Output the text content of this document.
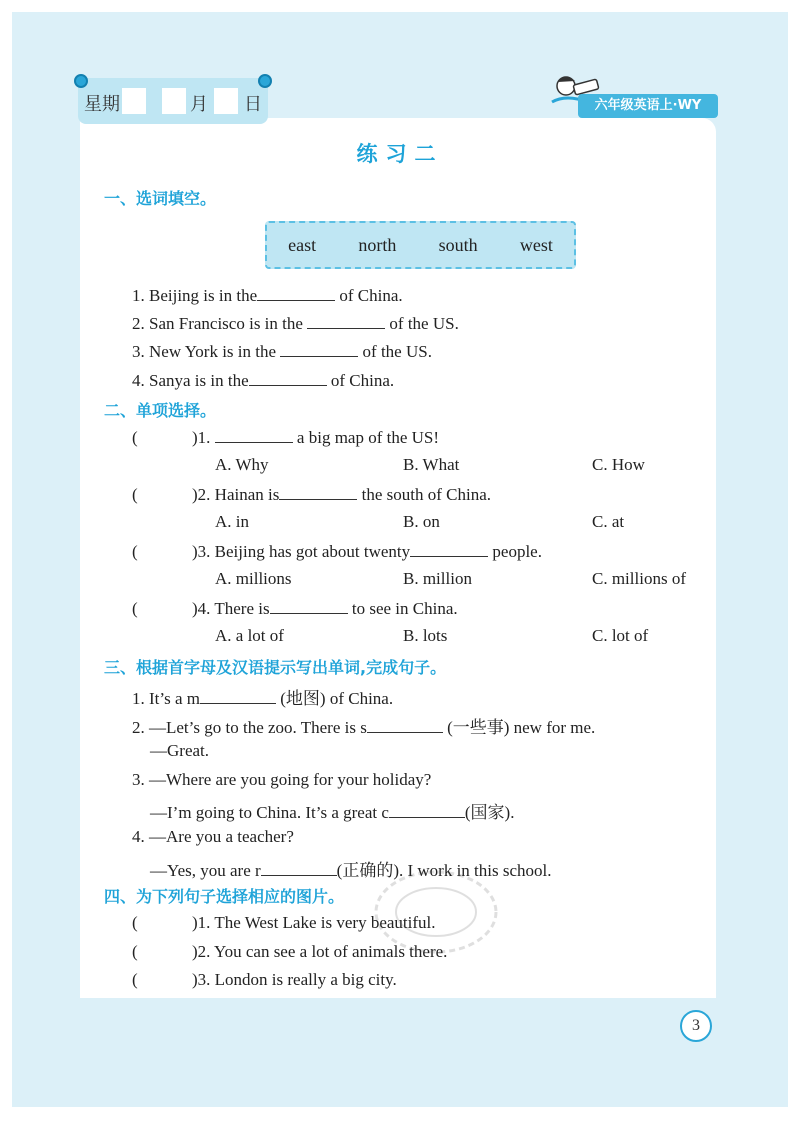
星期	月 日	六年级英语上·WY
练习二
一、选词填空。
east north south west
1. Beijing is in the	of China.
2. San Francisco is in the	of the US.
3. New York is in the	of the US.
4. Sanya is in the	of China.
二、单项选择。
(	)1.	a big map of the US!
A. Why	B. What	C. How
(	)2. Hainan is	the south of China.
A. in	B. on	C. at
(	)3. Beijing has got about twenty	people.
A. millions	B. million	C. millions of
(	)4. There is	to see in China.
A. a lot of	B. lots	C. lot of
三、根据首字母及汉语提示写出单词,完成句子。
1. It’s a m	(地图) of China.
2. —Let’s go to the zoo. There is s	(一些事) new for me.
—Great.
3. —Where are you going for your holiday?
—I’m going to China. It’s a great c	(国家).
4. —Are you a teacher?
—Yes, you are r	(正确的). I work in this school.
四、为下列句子选择相应的图片。
(	)1. The West Lake is very beautiful.
(	)2. You can see a lot of animals there.
(	)3. London is really a big city.
3
